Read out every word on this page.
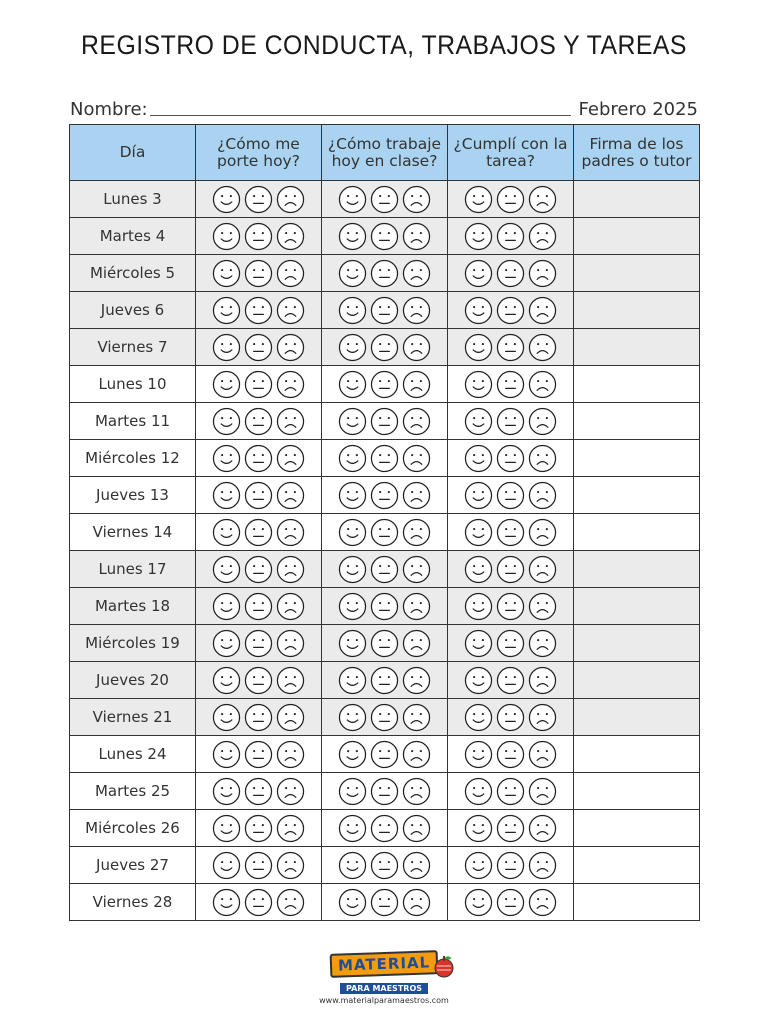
REGISTRO DE CONDUCTA, TRABAJOS Y TAREAS
Nombre:	Febrero 2025
Día	¿Cómo me porte hoy?	¿Cómo trabaje hoy en clase?	¿Cumplí con la tarea?	Firma de los padres o tutor
Lunes 3	

Martes 4	

Miércoles 5	

Jueves 6	

Viernes 7	

Lunes 10	

Martes 11	

Miércoles 12	

Jueves 13	

Viernes 14	

Lunes 17	

Martes 18	

Miércoles 19	

Jueves 20	

Viernes 21	

Lunes 24	

Martes 25	

Miércoles 26	

Jueves 27	

Viernes 28	

MATERIAL

PARA MAESTROS
www.materialparamaestros.com
